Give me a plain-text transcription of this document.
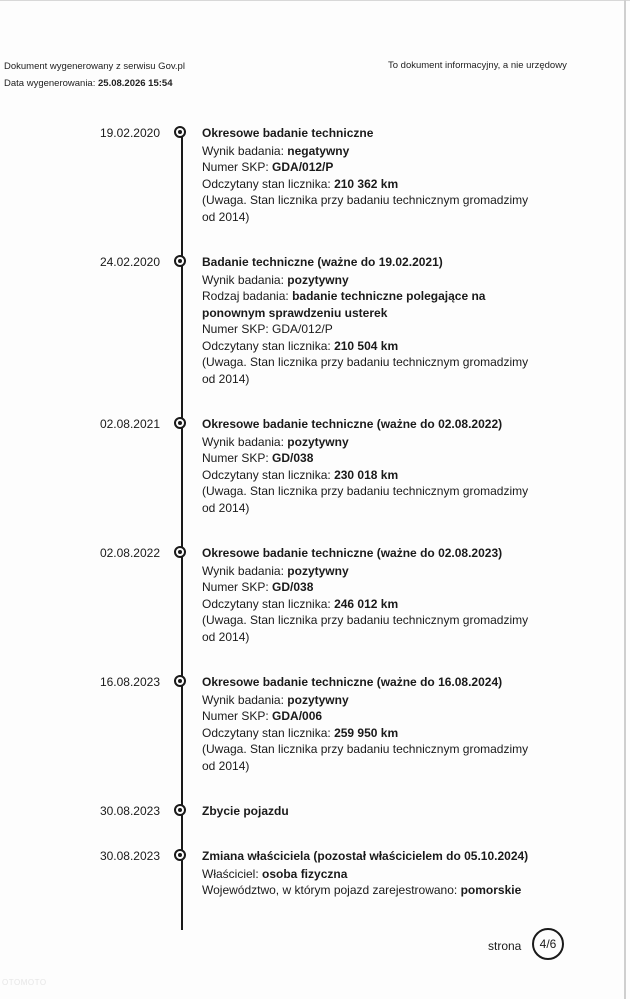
Dokument wygenerowany z serwisu Gov.pl
Data wygenerowania: 25.08.2026 15:54
To dokument informacyjny, a nie urzędowy
19.02.2020	Okresowe badanie techniczne
Wynik badania: negatywny
Numer SKP: GDA/012/P
Odczytany stan licznika: 210 362 km
(Uwaga. Stan licznika przy badaniu technicznym gromadzimy od 2014)
24.02.2020	Badanie techniczne (ważne do 19.02.2021)
Wynik badania: pozytywny
Rodzaj badania: badanie techniczne polegające na ponownym sprawdzeniu usterek
Numer SKP: GDA/012/P
Odczytany stan licznika: 210 504 km
(Uwaga. Stan licznika przy badaniu technicznym gromadzimy od 2014)
02.08.2021	Okresowe badanie techniczne (ważne do 02.08.2022)
Wynik badania: pozytywny
Numer SKP: GD/038
Odczytany stan licznika: 230 018 km
(Uwaga. Stan licznika przy badaniu technicznym gromadzimy od 2014)
02.08.2022	Okresowe badanie techniczne (ważne do 02.08.2023)
Wynik badania: pozytywny
Numer SKP: GD/038
Odczytany stan licznika: 246 012 km
(Uwaga. Stan licznika przy badaniu technicznym gromadzimy od 2014)
16.08.2023	Okresowe badanie techniczne (ważne do 16.08.2024)
Wynik badania: pozytywny
Numer SKP: GDA/006
Odczytany stan licznika: 259 950 km
(Uwaga. Stan licznika przy badaniu technicznym gromadzimy od 2014)
30.08.2023	Zbycie pojazdu
30.08.2023	Zmiana właściciela (pozostał właścicielem do 05.10.2024)
Właściciel: osoba fizyczna
Województwo, w którym pojazd zarejestrowano: pomorskie
strona	4/6
OTOMOTO
